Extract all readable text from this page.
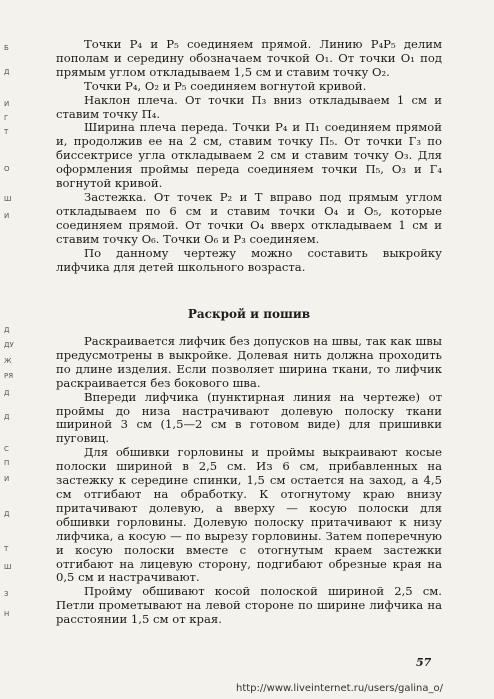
Б
Д
И
Г
Т
О
Ш
И
Д
ДУ
Ж
РЯ
Д
Д
С
П
И
Д
Т
Ш
З
Н

Точки Р₄ и Р₅ соединяем прямой. Линию Р₄Р₅ делим пополам и середину обозначаем точкой О₁. От точки О₁ под прямым углом откладываем 1,5 см и ставим точку О₂.

Точки Р₄, О₂ и Р₅ соединяем вогнутой кривой.

Наклон плеча. От точки П₃ вниз откладываем 1 см и ставим точку П₄.

Ширина плеча переда. Точки Р₄ и П₁ соединяем прямой и, продолжив ее на 2 см, ставим точку П₅. От точки Г₃ по биссектрисе угла откладываем 2 см и ставим точку О₃. Для оформления проймы переда соединяем точки П₅, О₃ и Г₄ вогнутой кривой.

Застежка. От точек Р₂ и Т вправо под прямым углом откладываем по 6 см и ставим точки О₄ и О₅, которые соединяем прямой. От точки О₄ вверх откладываем 1 см и ставим точку О₆. Точки О₆ и Р₃ соединяем.

По данному чертежу можно составить выкройку лифчика для детей школьного возраста.

Раскрой и пошив

Раскраивается лифчик без допусков на швы, так как швы предусмотрены в выкройке. Долевая нить должна проходить по длине изделия. Если позволяет ширина ткани, то лифчик раскраивается без бокового шва.

Впереди лифчика (пунктирная линия на чертеже) от проймы до низа настрачивают долевую полоску ткани шириной 3 см (1,5—2 см в готовом виде) для пришивки пуговиц.

Для обшивки горловины и проймы выкраивают косые полоски шириной в 2,5 см. Из 6 см, прибавленных на застежку к середине спинки, 1,5 см остается на заход, а 4,5 см отгибают на обработку. К отогнутому краю внизу притачивают долевую, а вверху — косую полоски для обшивки горловины. Долевую полоску притачивают к низу лифчика, а косую — по вырезу горловины. Затем поперечную и косую полоски вместе с отогнутым краем застежки отгибают на лицевую сторону, подгибают обрезные края на 0,5 см и настрачивают.

Пройму обшивают косой полоской шириной 2,5 см. Петли прометывают на левой стороне по ширине лифчика на расстоянии 1,5 см от края.

57
http://www.liveinternet.ru/users/galina_o/
